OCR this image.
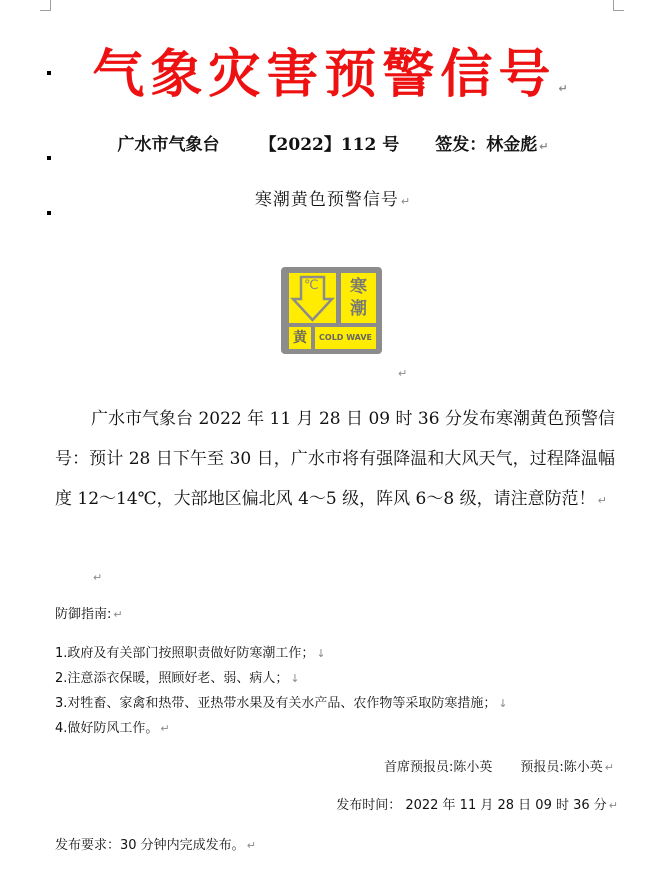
气象灾害预警信号 ↵
广水市气象台 【2022】112 号 签发：林金彪 ↵
寒潮黄色预警信号 ↵
℃	寒
潮
黄	COLD WAVE
↵
广水市气象台 2022 年 11 月 28 日 09 时 36 分发布寒潮黄色预警信号：预计 28 日下午至 30 日，广水市将有强降温和大风天气，过程降温幅度 12～14℃，大部地区偏北风 4～5 级，阵风 6～8 级，请注意防范！ ↵
↵
防御指南: ↵
1.政府及有关部门按照职责做好防寒潮工作； ↓
2.注意添衣保暖，照顾好老、弱、病人； ↓
3.对牲畜、家禽和热带、亚热带水果及有关水产品、农作物等采取防寒措施； ↓
4.做好防风工作。 ↵
首席预报员:陈小英 预报员:陈小英 ↵
发布时间： 2022 年 11 月 28 日 09 时 36 分 ↵
发布要求：30 分钟内完成发布。 ↵
